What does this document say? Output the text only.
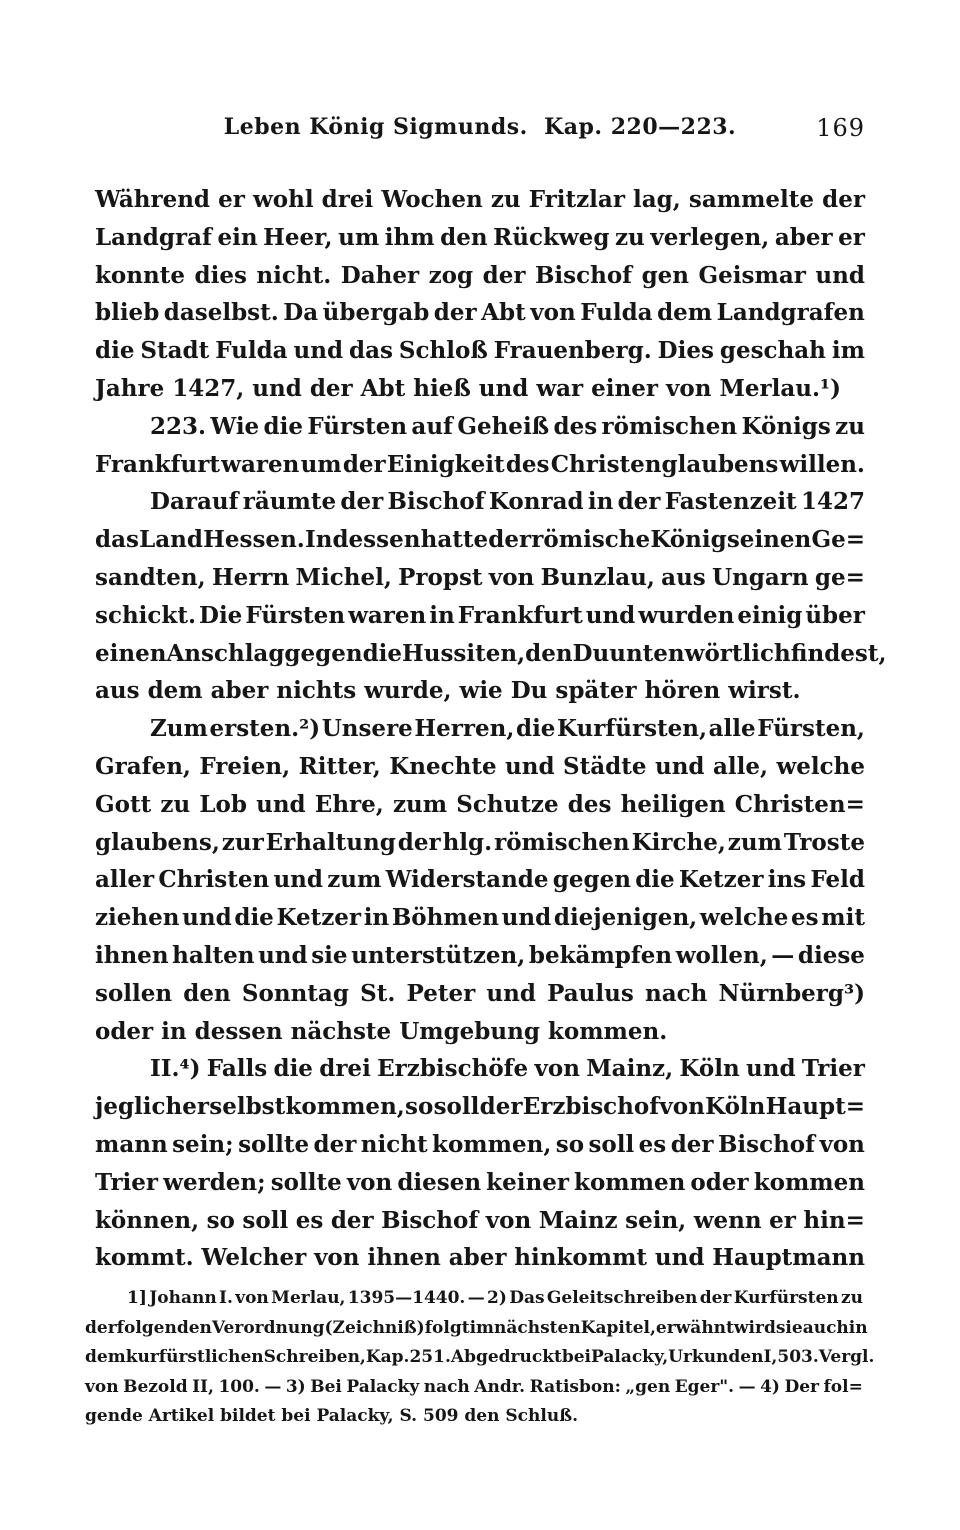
Leben König Sigmunds.  Kap. 220—223.	169
Während er wohl drei Wochen zu Fritzlar lag, sammelte der
Landgraf ein Heer, um ihm den Rückweg zu verlegen, aber er
konnte dies nicht. Daher zog der Bischof gen Geismar und
blieb daselbst. Da übergab der Abt von Fulda dem Landgrafen
die Stadt Fulda und das Schloß Frauenberg. Dies geschah im
Jahre 1427, und der Abt hieß und war einer von Merlau.¹)
223. Wie die Fürsten auf Geheiß des römischen Königs zu
Frankfurt waren um der Einigkeit des Christenglaubens willen.
Darauf räumte der Bischof Konrad in der Fastenzeit 1427
das Land Hessen. Indessen hatte der römische König seinen Ge=
sandten, Herrn Michel, Propst von Bunzlau, aus Ungarn ge=
schickt. Die Fürsten waren in Frankfurt und wurden einig über
einen Anschlag gegen die Hussiten, den Du unten wörtlich findest,
aus dem aber nichts wurde, wie Du später hören wirst.
Zum ersten.²) Unsere Herren, die Kurfürsten, alle Fürsten,
Grafen, Freien, Ritter, Knechte und Städte und alle, welche
Gott zu Lob und Ehre, zum Schutze des heiligen Christen=
glaubens, zur Erhaltung der hlg. römischen Kirche, zum Troste
aller Christen und zum Widerstande gegen die Ketzer ins Feld
ziehen und die Ketzer in Böhmen und diejenigen, welche es mit
ihnen halten und sie unterstützen, bekämpfen wollen, — diese
sollen den Sonntag St. Peter und Paulus nach Nürnberg³)
oder in dessen nächste Umgebung kommen.
II.⁴) Falls die drei Erzbischöfe von Mainz, Köln und Trier
jeglicher selbst kommen, so soll der Erzbischof von Köln Haupt=
mann sein; sollte der nicht kommen, so soll es der Bischof von
Trier werden; sollte von diesen keiner kommen oder kommen
können, so soll es der Bischof von Mainz sein, wenn er hin=
kommt. Welcher von ihnen aber hinkommt und Hauptmann
1] Johann I. von Merlau, 1395—1440. — 2) Das Geleitschreiben der Kurfürsten zu
der folgenden Verordnung (Zeichniß) folgt im nächsten Kapitel, erwähnt wird sie auch in
dem kurfürstlichen Schreiben, Kap. 251. Abgedruckt bei Palacky, Urkunden I, 503. Vergl.
von Bezold II, 100. — 3) Bei Palacky nach Andr. Ratisbon: „gen Eger". — 4) Der fol=
gende Artikel bildet bei Palacky, S. 509 den Schluß.
